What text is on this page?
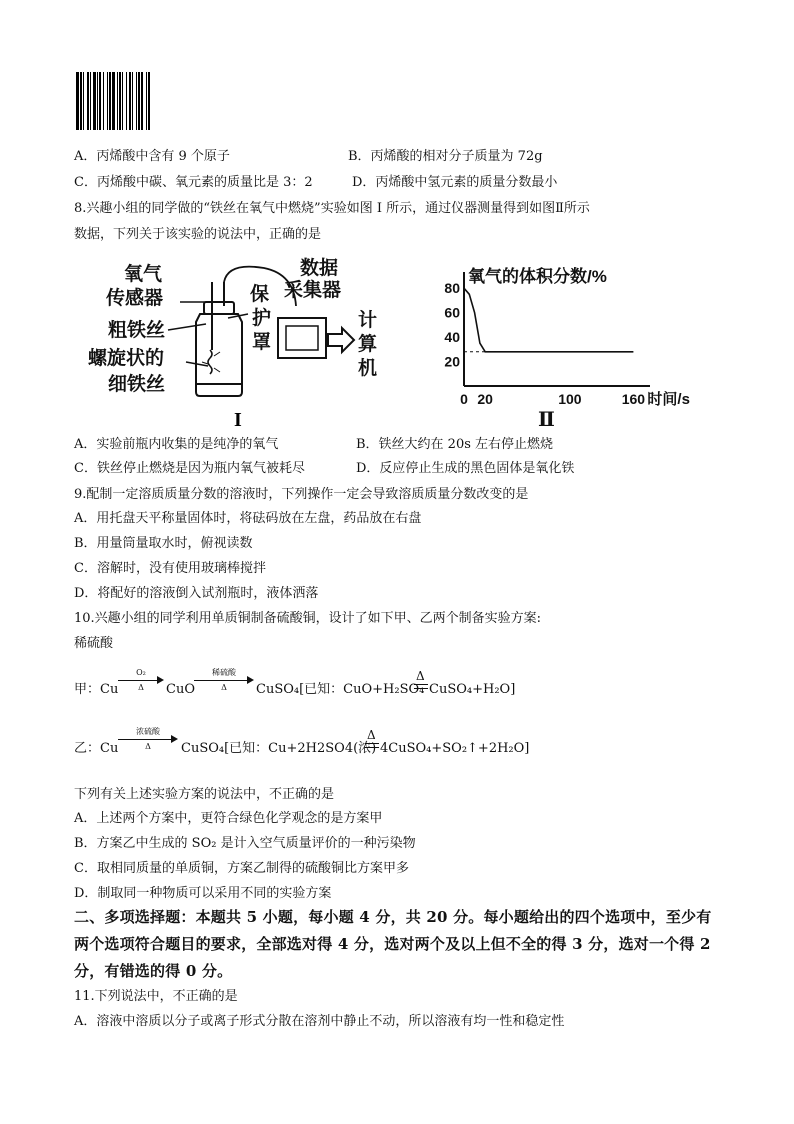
A．丙烯酸中含有 9 个原子	B．丙烯酸的相对分子质量为 72g
C．丙烯酸中碳、氧元素的质量比是 3：2	D．丙烯酸中氢元素的质量分数最小
8.兴趣小组的同学做的“铁丝在氧气中燃烧”实验如图 I 所示，通过仪器测量得到如图Ⅱ所示
数据，下列关于该实验的说法中，正确的是
氧气
传感器
粗铁丝
螺旋状的
细铁丝
保
护
罩
数据
采集器
计
算
机
I
氧气的体积分数/%
80
60
40
20
0 20	100	160 时间/s
Ⅱ
A．实验前瓶内收集的是纯净的氧气	B．铁丝大约在 20s 左右停止燃烧
C．铁丝停止燃烧是因为瓶内氧气被耗尽	D．反应停止生成的黑色固体是氧化铁
9.配制一定溶质质量分数的溶液时，下列操作一定会导致溶质质量分数改变的是
A．用托盘天平称量固体时，将砝码放在左盘，药品放在右盘
B．用量筒量取水时，俯视读数
C．溶解时，没有使用玻璃棒搅拌
D．将配好的溶液倒入试剂瓶时，液体洒落
10.兴趣小组的同学利用单质铜制备硫酸铜，设计了如下甲、乙两个制备实验方案:
稀硫酸
甲：Cu
O₂
Δ	CuO
稀硫酸
Δ	CuSO₄[已知：CuO+H₂SO₄
Δ
CuSO₄+H₂O]
乙：Cu
浓硫酸
Δ	CuSO₄[已知：Cu+2H2SO4(浓)
Δ
4CuSO₄+SO₂↑+2H₂O]
下列有关上述实验方案的说法中，不正确的是
A．上述两个方案中，更符合绿色化学观念的是方案甲
B．方案乙中生成的 SO₂ 是计入空气质量评价的一种污染物
C．取相同质量的单质铜，方案乙制得的硫酸铜比方案甲多
D．制取同一种物质可以采用不同的实验方案
二、多项选择题：本题共 5 小题，每小题 4 分，共 20 分。每小题给出的四个选项中，至少有
两个选项符合题目的要求，全部选对得 4 分，选对两个及以上但不全的得 3 分，选对一个得 2
分，有错选的得 0 分。
11.下列说法中，不正确的是
A．溶液中溶质以分子或离子形式分散在溶剂中静止不动，所以溶液有均一性和稳定性
